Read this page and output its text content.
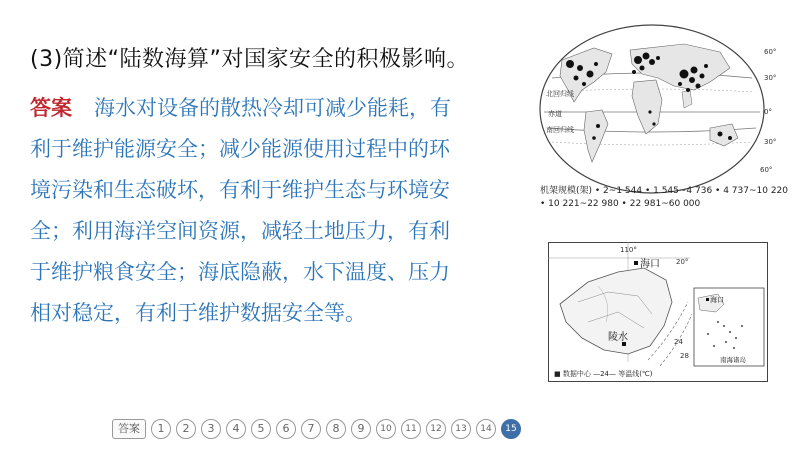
(3)简述“陆数海算”对国家安全的积极影响。
答案 海水对设备的散热冷却可减少能耗，有
利于维护能源安全；减少能源使用过程中的环
境污染和生态破坏，有利于维护生态与环境安
全；利用海洋空间资源，减轻土地压力，有利
于维护粮食安全；海底隐蔽，水下温度、压力
相对稳定，有利于维护数据安全等。
60°
30°
0°
30°
60°
北回归线
赤道
南回归线
机架规模(架) • 2~1 544 • 1 545~4 736 • 4 737~10 220
• 10 221~22 980 • 22 981~60 000
24
28
110°
20°
海口
陵水
海口
南海诸岛
■ 数据中心 —24— 等温线(℃)
答案	1	2	3	4	5	6	7	8	9	10	11	12	13	14	15
